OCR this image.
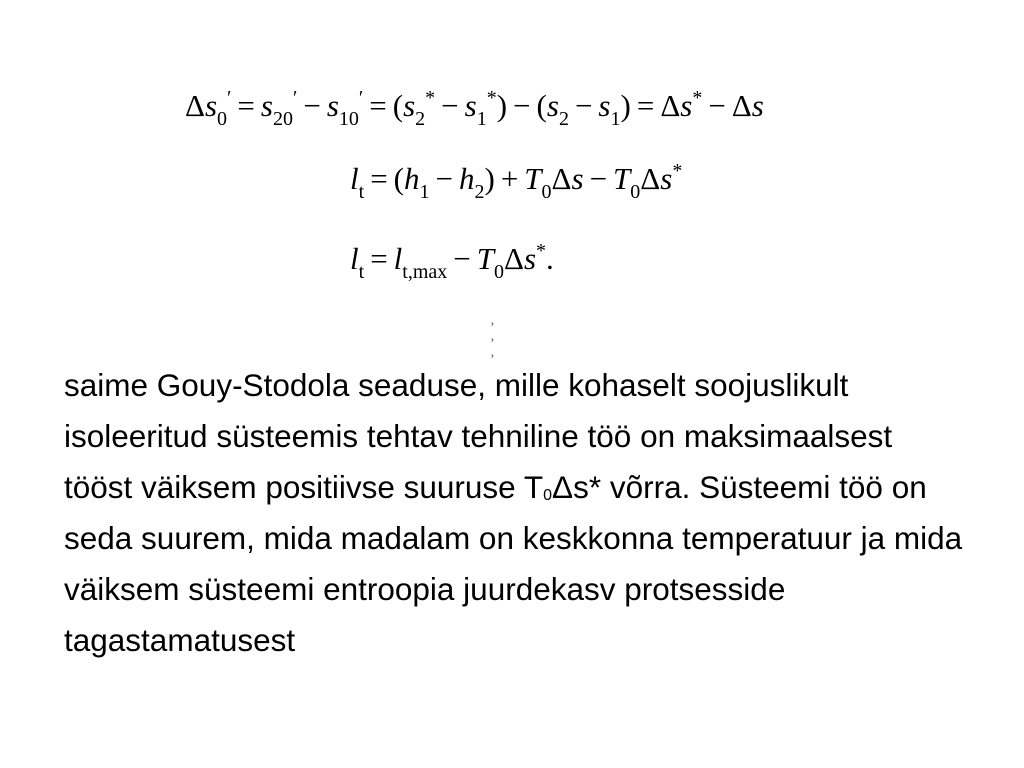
$\Delta s_0' = s_{20}' - s_{10}' = (s_2^* - s_1^*) - (s_2 - s_1) = \Delta s^* - \Delta s$
$l_t = (h_1 - h_2) + T_0\Delta s - T_0\Delta s^*$
$l_t = l_{t,max} - T_0\Delta s^*$.
‚ ‚ ‚
saime Gouy-Stodola seaduse, mille kohaselt soojuslikult isoleeritud süsteemis tehtav tehniline töö on maksimaalsest tööst väiksem positiivse suuruse $T_0\Delta s*$ võrra. Süsteemi töö on seda suurem, mida madalam on keskkonna temperatuur ja mida väiksem süsteemi entroopia juurdekasv protsesside tagastamatusest
